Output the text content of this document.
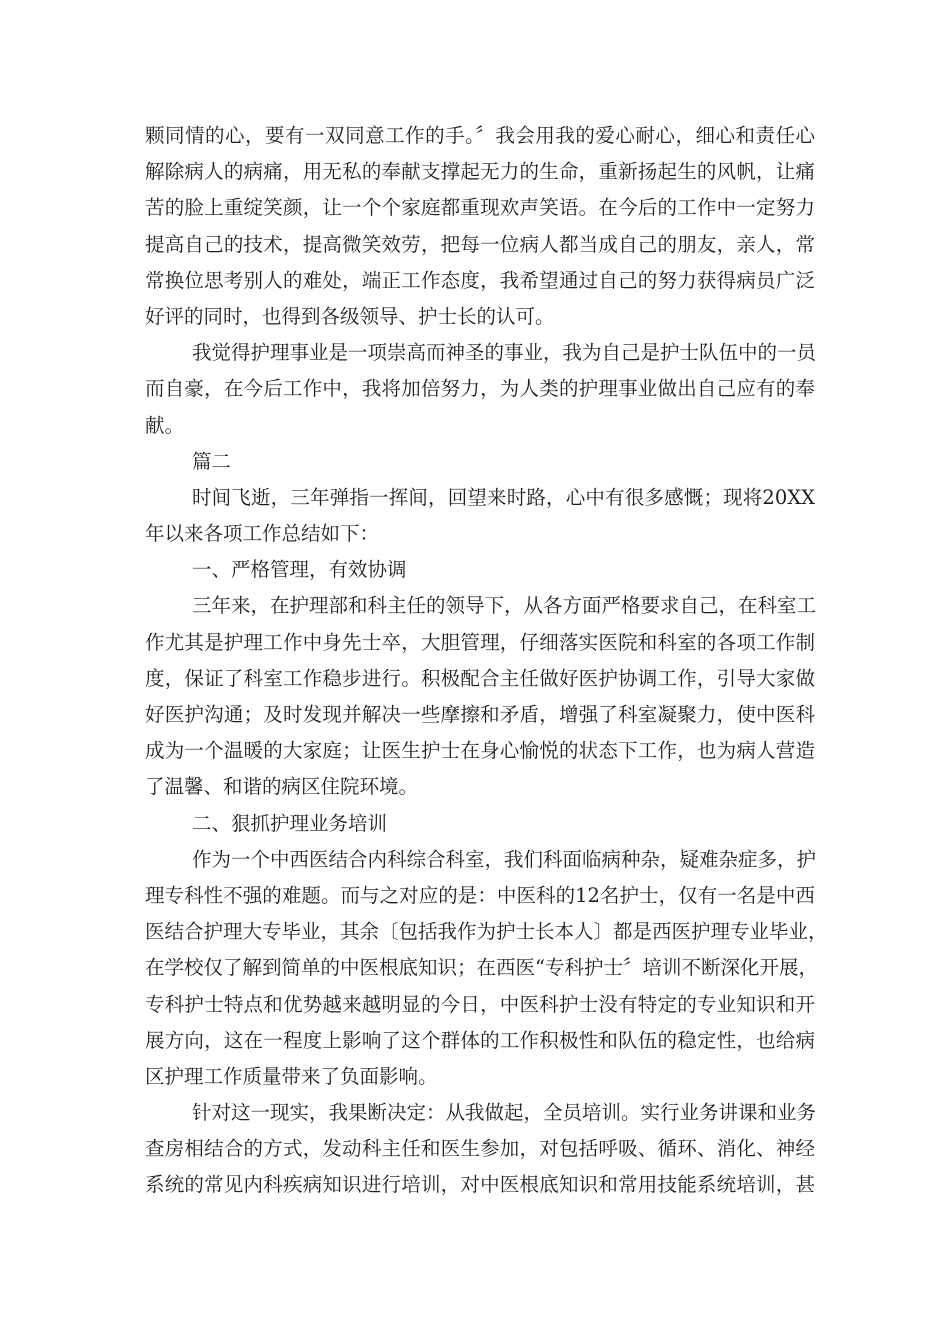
颗同情的心，要有一双同意工作的手。〞我会用我的爱心耐心，细心和责任心
解除病人的病痛，用无私的奉献支撑起无力的生命，重新扬起生的风帆，让痛
苦的脸上重绽笑颜，让一个个家庭都重现欢声笑语。在今后的工作中一定努力
提高自己的技术，提高微笑效劳，把每一位病人都当成自己的朋友，亲人，常
常换位思考别人的难处，端正工作态度，我希望通过自己的努力获得病员广泛
好评的同时，也得到各级领导、护士长的认可。
我觉得护理事业是一项崇高而神圣的事业，我为自己是护士队伍中的一员
而自豪，在今后工作中，我将加倍努力，为人类的护理事业做出自己应有的奉
献。
篇二
时间飞逝，三年弹指一挥间，回望来时路，心中有很多感慨；现将20XX
年以来各项工作总结如下：
一、严格管理，有效协调
三年来，在护理部和科主任的领导下，从各方面严格要求自己，在科室工
作尤其是护理工作中身先士卒，大胆管理，仔细落实医院和科室的各项工作制
度，保证了科室工作稳步进行。积极配合主任做好医护协调工作，引导大家做
好医护沟通；及时发现并解决一些摩擦和矛盾，增强了科室凝聚力，使中医科
成为一个温暖的大家庭；让医生护士在身心愉悦的状态下工作，也为病人营造
了温馨、和谐的病区住院环境。
二、狠抓护理业务培训
作为一个中西医结合内科综合科室，我们科面临病种杂，疑难杂症多，护
理专科性不强的难题。而与之对应的是：中医科的12名护士，仅有一名是中西
医结合护理大专毕业，其余〔包括我作为护士长本人〕都是西医护理专业毕业，
在学校仅了解到简单的中医根底知识；在西医“专科护士〞培训不断深化开展，
专科护士特点和优势越来越明显的今日，中医科护士没有特定的专业知识和开
展方向，这在一程度上影响了这个群体的工作积极性和队伍的稳定性，也给病
区护理工作质量带来了负面影响。
针对这一现实，我果断决定：从我做起，全员培训。实行业务讲课和业务
查房相结合的方式，发动科主任和医生参加，对包括呼吸、循环、消化、神经
系统的常见内科疾病知识进行培训，对中医根底知识和常用技能系统培训，甚
